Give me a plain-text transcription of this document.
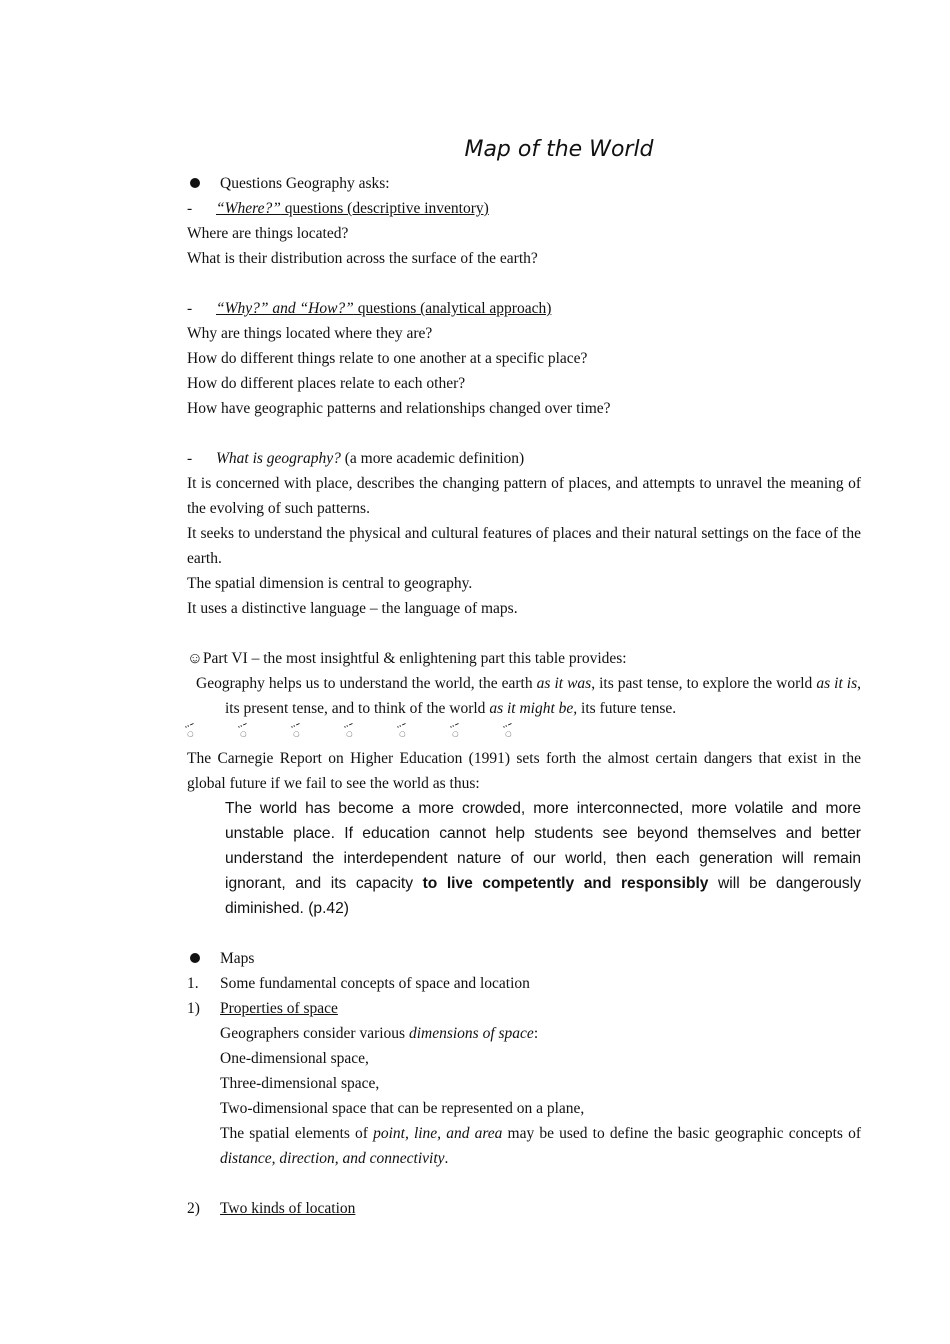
Map of the World
Questions Geography asks:
- “Where?” questions (descriptive inventory)
Where are things located?
What is their distribution across the surface of the earth?
- “Why?” and “How?” questions (analytical approach)
Why are things located where they are?
How do different things relate to one another at a specific place?
How do different places relate to each other?
How have geographic patterns and relationships changed over time?
- What is geography? (a more academic definition)
It is concerned with place, describes the changing pattern of places, and attempts to unravel the meaning of the evolving of such patterns.
It seeks to understand the physical and cultural features of places and their natural settings on the face of the earth.
The spatial dimension is central to geography.
It uses a distinctive language – the language of maps.
☺Part VI – the most insightful & enlightening part this table provides:
Geography helps us to understand the world, the earth as it was, its past tense, to explore the world as it is, its present tense, and to think of the world as it might be, its future tense.
ꪾ	ꪾ	ꪾ	ꪾ	ꪾ	ꪾ	ꪾ
The Carnegie Report on Higher Education (1991) sets forth the almost certain dangers that exist in the global future if we fail to see the world as thus:
The world has become a more crowded, more interconnected, more volatile and more unstable place. If education cannot help students see beyond themselves and better understand the interdependent nature of our world, then each generation will remain ignorant, and its capacity to live competently and responsibly will be dangerously diminished. (p.42)
Maps
1. Some fundamental concepts of space and location
1) Properties of space
Geographers consider various dimensions of space:
One-dimensional space,
Three-dimensional space,
Two-dimensional space that can be represented on a plane,
The spatial elements of point, line, and area may be used to define the basic geographic concepts of distance, direction, and connectivity.
2) Two kinds of location
